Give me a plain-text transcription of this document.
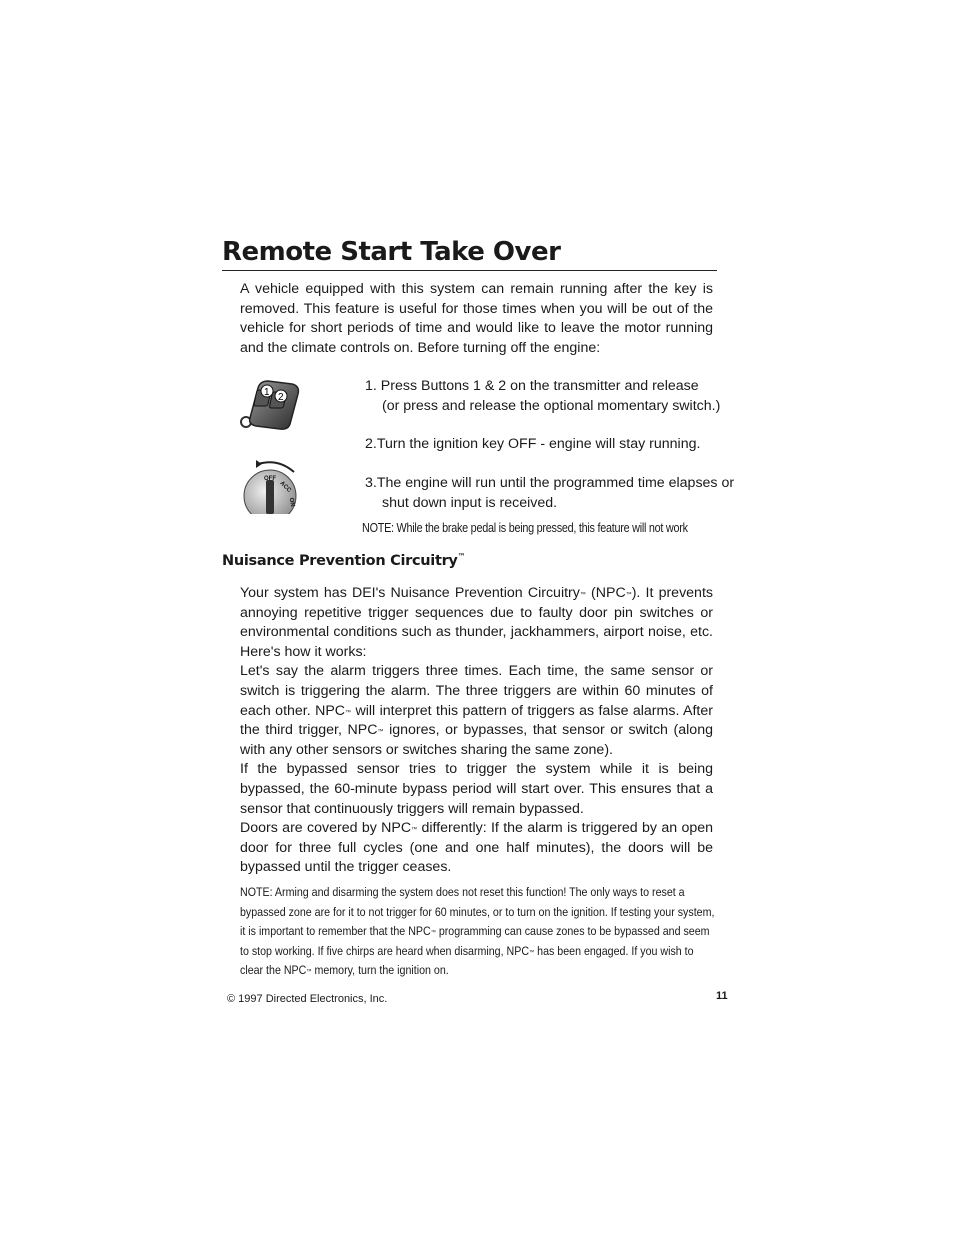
Remote Start Take Over

A vehicle equipped with this system can remain running after the key is removed. This feature is useful for those times when you will be out of the vehicle for short periods of time and would like to leave the motor running and the climate controls on. Before turning off the engine:

1 2
OFF
ACC
ON
1. Press Buttons 1 & 2 on the transmitter and release
(or press and release the optional momentary switch.)
2.Turn the ignition key OFF - engine will stay running.
3.The engine will run until the programmed time elapses or
shut down input is received.
NOTE: While the brake pedal is being pressed, this feature will not work
Nuisance Prevention Circuitry™

Your system has DEI's Nuisance Prevention Circuitry™ (NPC™). It prevents annoying repetitive trigger sequences due to faulty door pin switches or environmental conditions such as thunder, jackhammers, airport noise, etc. Here's how it works:

Let's say the alarm triggers three times. Each time, the same sensor or switch is triggering the alarm. The three triggers are within 60 minutes of each other. NPC™ will interpret this pattern of triggers as false alarms. After the third trigger, NPC™ ignores, or bypasses, that sensor or switch (along with any other sensors or switches sharing the same zone).

If the bypassed sensor tries to trigger the system while it is being bypassed, the 60-minute bypass period will start over. This ensures that a sensor that continuously triggers will remain bypassed.

Doors are covered by NPC™ differently: If the alarm is triggered by an open door for three full cycles (one and one half minutes), the doors will be bypassed until the trigger ceases.

NOTE: Arming and disarming the system does not reset this function! The only ways to reset a bypassed zone are for it to not trigger for 60 minutes, or to turn on the ignition. If testing your system, it is important to remember that the NPC™ programming can cause zones to be bypassed and seem to stop working. If five chirps are heard when disarming, NPC™ has been engaged. If you wish to clear the NPC™ memory, turn the ignition on.
© 1997 Directed Electronics, Inc.	11
